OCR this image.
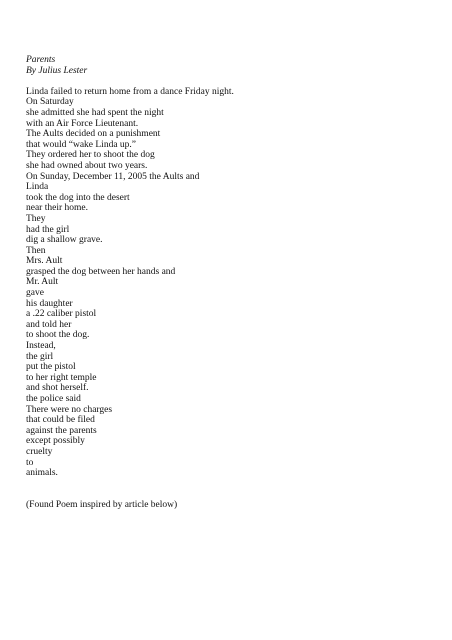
Parents
By Julius Lester
Linda failed to return home from a dance Friday night.
On Saturday
she admitted she had spent the night
with an Air Force Lieutenant.
The Aults decided on a punishment
that would “wake Linda up.”
They ordered her to shoot the dog
she had owned about two years.
On Sunday, December 11, 2005 the Aults and
Linda
took the dog into the desert
near their home.
They
had the girl
dig a shallow grave.
Then
Mrs. Ault
grasped the dog between her hands and
Mr. Ault
gave
his daughter
a .22 caliber pistol
and told her
to shoot the dog.
Instead,
the girl
put the pistol
to her right temple
and shot herself.
the police said
There were no charges
that could be filed
against the parents
except possibly
cruelty
to
animals.
(Found Poem inspired by article below)
